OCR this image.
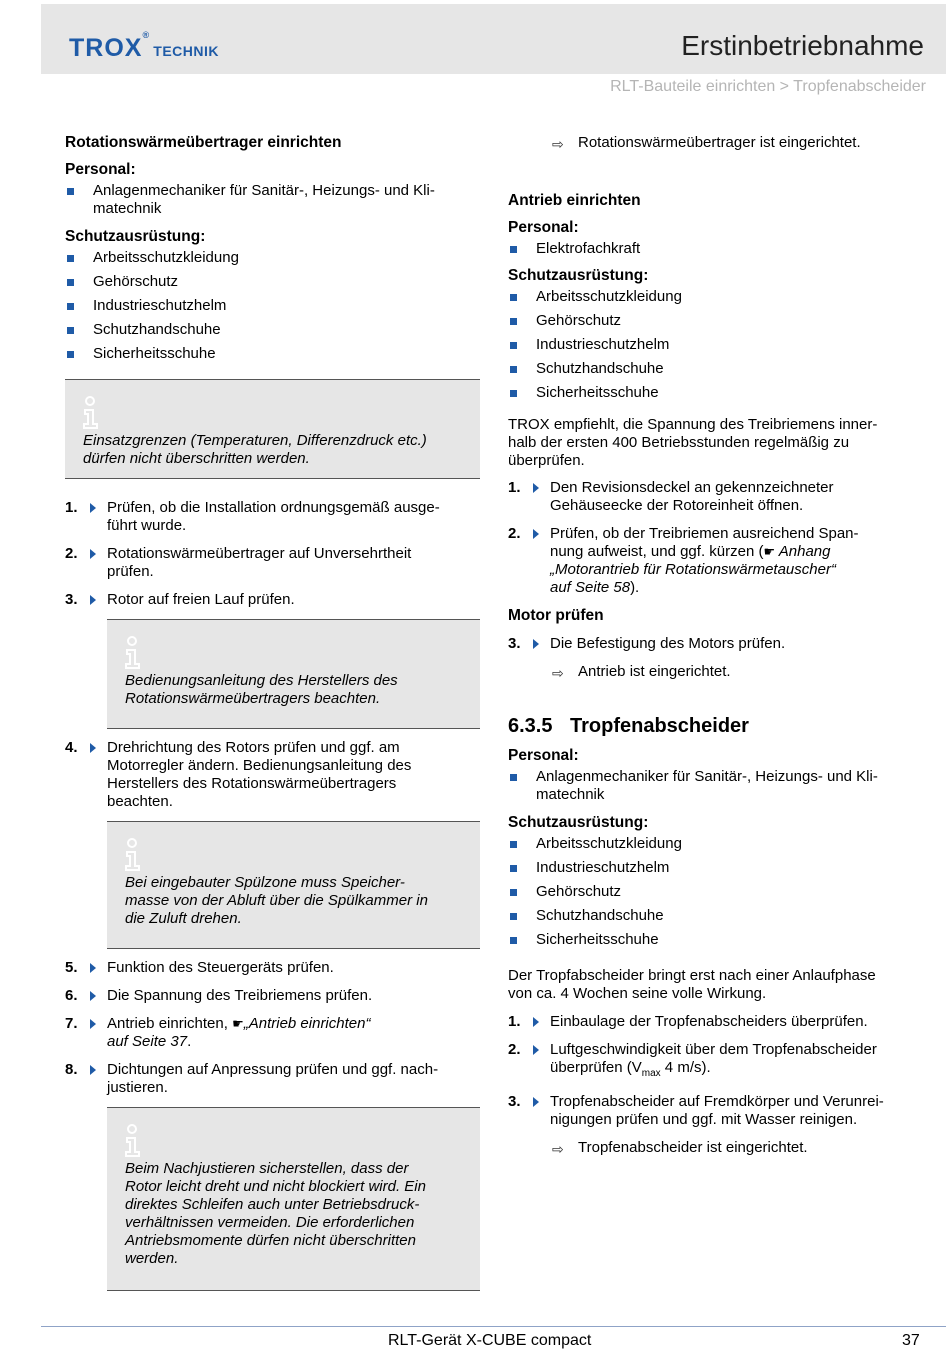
TROX® TECHNIK	Erstinbetriebnahme
RLT-Bauteile einrichten > Tropfenabscheider
Rotationswärmeübertrager einrichten
Personal:
Anlagenmechaniker für Sanitär-, Heizungs- und Kli-
matechnik
Schutzausrüstung:
Arbeitsschutzkleidung
Gehörschutz
Industrieschutzhelm
Schutzhandschuhe
Sicherheitsschuhe
Einsatzgrenzen (Temperaturen, Differenzdruck etc.) dürfen nicht überschritten werden.
1. Prüfen, ob die Installation ordnungsgemäß ausge-
führt wurde.
2. Rotationswärmeübertrager auf Unversehrtheit
prüfen.
3. Rotor auf freien Lauf prüfen.
Bedienungsanleitung des Herstellers des Rotationswärmeübertragers beachten.
4. Drehrichtung des Rotors prüfen und ggf. am
Motorregler ändern. Bedienungsanleitung des
Herstellers des Rotationswärmeübertragers
beachten.
Bei eingebauter Spülzone muss Speicher-
masse von der Abluft über die Spülkammer in
die Zuluft drehen.
5. Funktion des Steuergeräts prüfen.
6. Die Spannung des Treibriemens prüfen.
7. Antrieb einrichten, ☛„Antrieb einrichten“
auf Seite 37.
8. Dichtungen auf Anpressung prüfen und ggf. nach-
justieren.
Beim Nachjustieren sicherstellen, dass der
Rotor leicht dreht und nicht blockiert wird. Ein
direktes Schleifen auch unter Betriebsdruck-
verhältnissen vermeiden. Die erforderlichen
Antriebsmomente dürfen nicht überschritten
werden.
⇨ Rotationswärmeübertrager ist eingerichtet.
Antrieb einrichten
Personal:
Elektrofachkraft
Schutzausrüstung:
Arbeitsschutzkleidung
Gehörschutz
Industrieschutzhelm
Schutzhandschuhe
Sicherheitsschuhe
TROX empfiehlt, die Spannung des Treibriemens inner-
halb der ersten 400 Betriebsstunden regelmäßig zu
überprüfen.
1. Den Revisionsdeckel an gekennzeichneter
Gehäuseecke der Rotoreinheit öffnen.
2. Prüfen, ob der Treibriemen ausreichend Span-
nung aufweist, und ggf. kürzen (☛ Anhang
„Motorantrieb für Rotationswärmetauscher“
auf Seite 58).
Motor prüfen
3. Die Befestigung des Motors prüfen.
⇨ Antrieb ist eingerichtet.
6.3.5 Tropfenabscheider
Personal:
Anlagenmechaniker für Sanitär-, Heizungs- und Kli-
matechnik
Schutzausrüstung:
Arbeitsschutzkleidung
Industrieschutzhelm
Gehörschutz
Schutzhandschuhe
Sicherheitsschuhe
Der Tropfabscheider bringt erst nach einer Anlaufphase
von ca. 4 Wochen seine volle Wirkung.
1. Einbaulage der Tropfenabscheiders überprüfen.
2. Luftgeschwindigkeit über dem Tropfenabscheider
überprüfen ($V_{max}$ 4 m/s).
3. Tropfenabscheider auf Fremdkörper und Verunrei-
nigungen prüfen und ggf. mit Wasser reinigen.
⇨ Tropfenabscheider ist eingerichtet.
RLT-Gerät X-CUBE compact	37
